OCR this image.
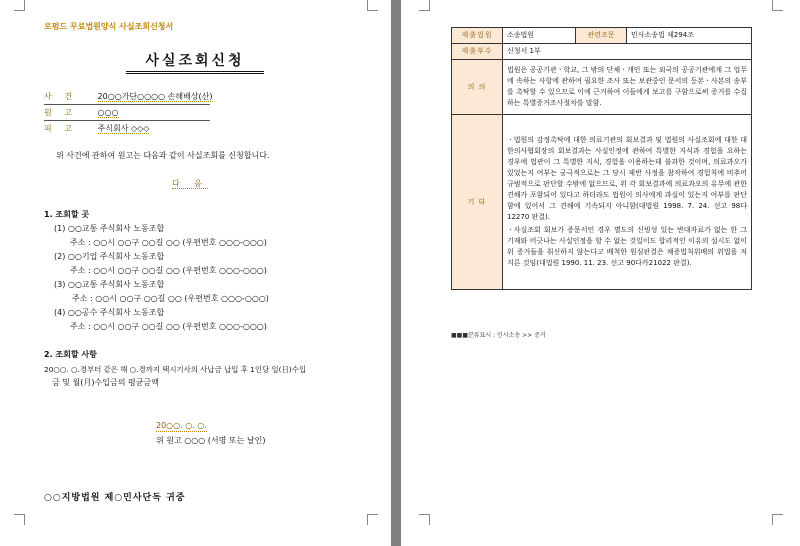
로펌드 무료법원양식 사실조회신청서
사실조회신청
사 건	20○○가단○○○○ 손해배상(산)
원 고	○○○
피 고	주식회사 ◇◇◇
위 사건에 관하여 원고는 다음과 같이 사실조회를 신청합니다.
다 음
1. 조회할 곳
(1) ○○교통 주식회사 노동조합
주소 : ○○시 ○○구 ○○길 ○○ (우편번호 ○○○-○○○)
(2) ○○기업 주식회사 노동조합
주소 : ○○시 ○○구 ○○길 ○○ (우편번호 ○○○-○○○)
(3) ○○교통 주식회사 노동조합
주소 : ○○시 ○○구 ○○길 ○○ (우편번호 ○○○-○○○)
(4) ○○공수 주식회사 노동조합
주소 : ○○시 ○○구 ○○길 ○○ (우편번호 ○○○-○○○)
2. 조회할 사항
20○○. ○.경부터 같은 해 ○.경까지 택시기사의 사납금 납입 후 1인당 일(日)수입
금 및 월(月)수입금의 평균금액
20○○. ○. ○.
위 원고 ○○○ (서명 또는 날인)
○○지방법원 제○민사단독 귀중
제출법원	소송법원	관련조문	민사소송법 제294조
제출부수	신청서 1부		
의 의	법원은 공공기관ㆍ학교, 그 밖의 단체ㆍ개인 또는 외국의 공공기관에게 그 업무에 속하는 사항에 관하여 필요한 조사 또는 보관중인 문서의 등본ㆍ사본의 송부를 촉탁할 수 있으므로 이에 근거하여 이들에게 보고를 구함으로써 증거를 수집하는 특별증거조사절차를 말함.		
기 타	ㆍ법원의 감정촉탁에 대한 의료기관의 회보결과 및 법원의 사실조회에 대한 대한의사협회장의 회보결과는 사실인정에 관하여 특별한 지식과 경험을 요하는 경우에 법관이 그 특별한 지식, 경험을 이용하는데 불과한 것이며, 의료과오가 있었는지 여부는 궁극적으로는 그 당시 제반 사정을 참작하여 경험칙에 비추어 규범적으로 판단할 수밖에 없으므로, 위 각 회보결과에 의료과오의 유무에 관한 견해가 포함되어 있다고 하더라도 법원이 의사에게 과실이 있는지 여부를 판단함에 있어서 그 견해에 기속되지 아니함(대법원 1998. 7. 24. 선고 98다12270 판결).
ㆍ사실조회 회보가 증문서인 경우 별도의 신빙성 있는 반대자료가 없는 한 그 기재와 어긋나는 사실인정을 할 수 없는 것일이도 합리적인 이유의 설시도 없이 위 증거들을 취신하지 않는다고 배척한 원심판결은 채증법칙위배의 위법을 저지른 것임(대법원 1990. 11. 23. 선고 90다카21022 판결).		
■■■분류표시 : 민사소송 >> 증거
